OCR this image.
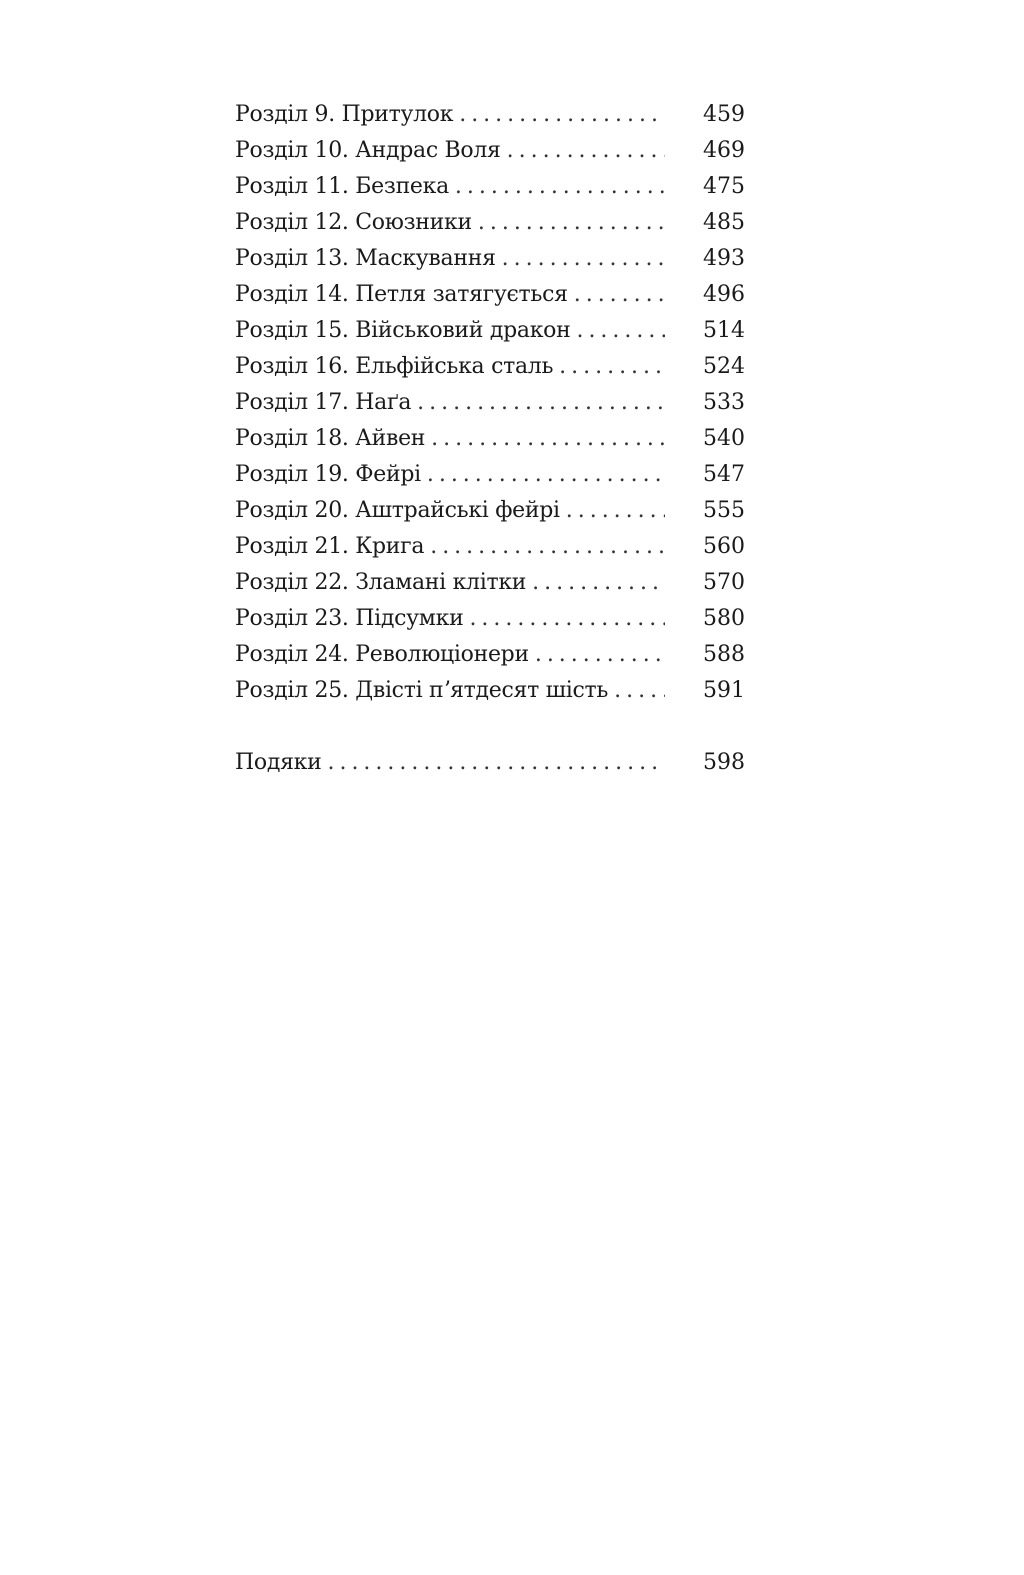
Розділ 9. Притулок . . .	459
Розділ 10. Андрас Воля . . .	469
Розділ 11. Безпека . . .	475
Розділ 12. Союзники . . .	485
Розділ 13. Маскування . . .	493
Розділ 14. Петля затягується . . .	496
Розділ 15. Військовий дракон . . .	514
Розділ 16. Ельфійська сталь . . .	524
Розділ 17. Наґа . . .	533
Розділ 18. Айвен . . .	540
Розділ 19. Фейрі . . .	547
Розділ 20. Аштрайські фейрі . . .	555
Розділ 21. Крига . . .	560
Розділ 22. Зламані клітки . . .	570
Розділ 23. Підсумки . . .	580
Розділ 24. Революціонери . . .	588
Розділ 25. Двісті пʼятдесят шість . . .	591
Подяки . . .	598
